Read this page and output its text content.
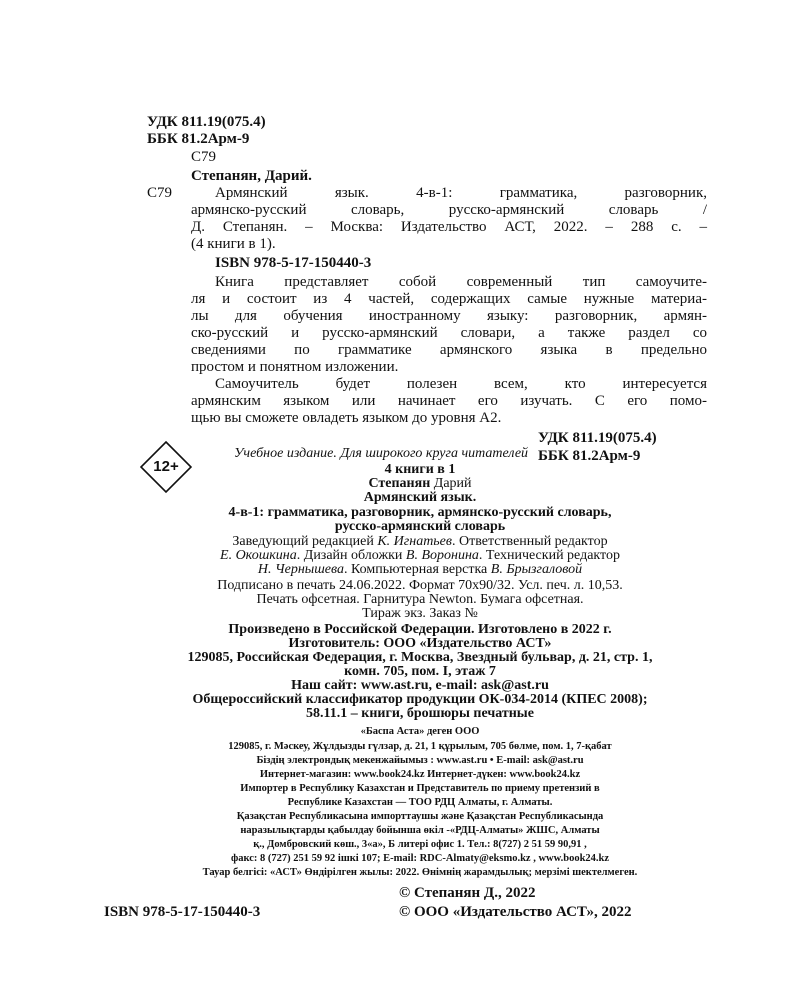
УДК 811.19(075.4)
ББК 81.2Арм-9
С79
Степанян, Дарий.
С79	Армянский язык. 4-в-1: грамматика, разговорник,
армянско-русский словарь, русско-армянский словарь /
Д. Степанян. – Москва: Издательство АСТ, 2022. – 288 с. –
(4 книги в 1).
ISBN 978-5-17-150440-3
Книга представляет собой современный тип самоучите-
ля и состоит из 4 частей, содержащих самые нужные материа-
лы для обучения иностранному языку: разговорник, армян-
ско-русский и русско-армянский словари, а также раздел со
сведениями по грамматике армянского языка в предельно
простом и понятном изложении.
Самоучитель будет полезен всем, кто интересуется
армянским языком или начинает его изучать. С его помо-
щью вы сможете овладеть языком до уровня А2.
УДК 811.19(075.4)
ББК 81.2Арм-9
12+
Учебное издание. Для широкого круга читателей
4 книги в 1
Степанян Дарий
Армянский язык.
4-в-1: грамматика, разговорник, армянско-русский словарь,
русско-армянский словарь
Заведующий редакцией К. Игнатьев. Ответственный редактор
Е. Окошкина. Дизайн обложки В. Воронина. Технический редактор
Н. Чернышева. Компьютерная верстка В. Брызгаловой
Подписано в печать 24.06.2022. Формат 70х90/32. Усл. печ. л. 10,53.
Печать офсетная. Гарнитура Newton. Бумага офсетная.
Тираж экз. Заказ №
Произведено в Российской Федерации. Изготовлено в 2022 г.
Изготовитель: ООО «Издательство АСТ»
129085, Российская Федерация, г. Москва, Звездный бульвар, д. 21, стр. 1,
комн. 705, пом. I, этаж 7
Наш сайт: www.ast.ru, e-mail: ask@ast.ru
Общероссийский классификатор продукции ОК-034-2014 (КПЕС 2008);
58.11.1 – книги, брошюры печатные
«Баспа Аста» деген ООО
129085, г. Мәскеу, Жұлдызды гүлзар, д. 21, 1 құрылым, 705 бөлме, пом. 1, 7-қабат
Біздің электрондық мекенжайымыз : www.ast.ru • E-mail: ask@ast.ru
Интернет-магазин: www.book24.kz Интернет-дүкен: www.book24.kz
Импортер в Республику Казахстан и Представитель по приему претензий в
Республике Казахстан — ТОО РДЦ Алматы, г. Алматы.
Қазақстан Республикасына импорттаушы және Қазақстан Республикасында
наразылықтарды қабылдау бойынша өкіл -«РДЦ-Алматы» ЖШС, Алматы
қ., Домбровский көш., 3«а», Б литері офис 1. Тел.: 8(727) 2 51 59 90,91 ,
факс: 8 (727) 251 59 92 ішкі 107; E-mail: RDC-Almaty@eksmo.kz , www.book24.kz
Тауар белгісі: «АСТ» Өндірілген жылы: 2022. Өнімнің жарамдылық; мерзімі шектелмеген.
© Степанян Д., 2022
ISBN 978-5-17-150440-3	© ООО «Издательство АСТ», 2022
